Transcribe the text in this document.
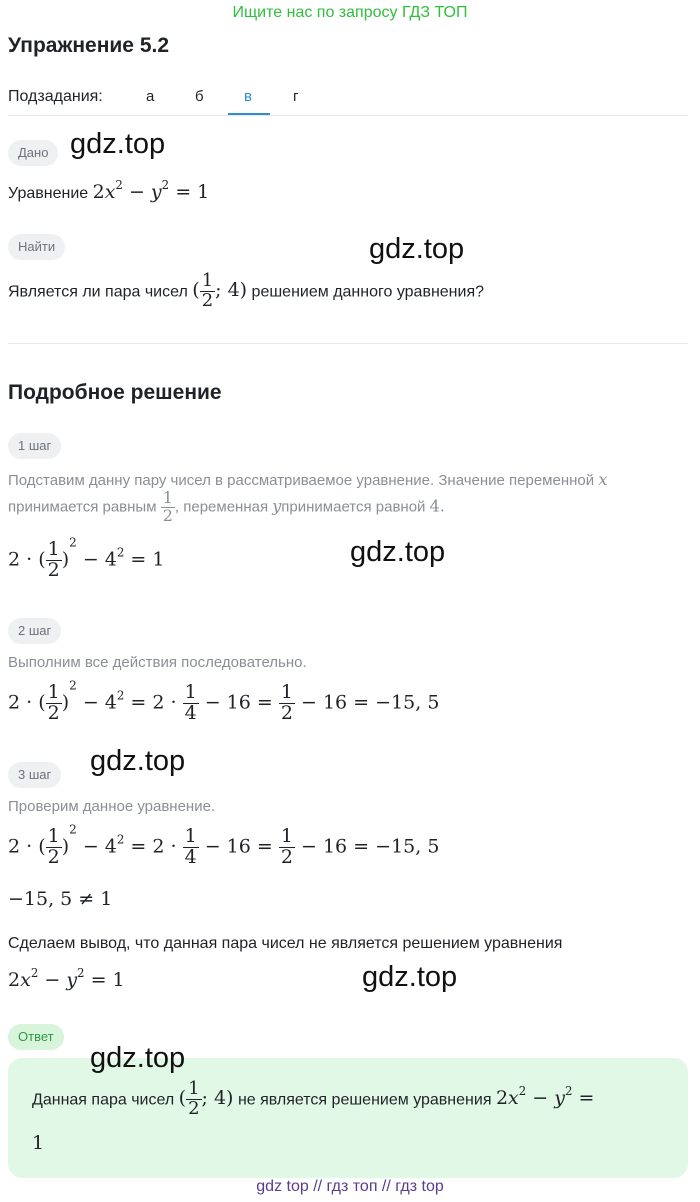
Ищите нас по запросу ГДЗ ТОП
Упражнение 5.2
Подзадания:	а	б	в	г
Дано gdz.top
Уравнение $2x^2 - y^2 = 1$
Найти	gdz.top
Является ли пара чисел ( $\frac{1}{2}$ ; 4) решением данного уравнения?
Подробное решение
1 шаг
Подставим данну пару чисел в рассматриваемое уравнение. Значение переменной x
принимается равным $\frac{1}{2}$ , переменная yпринимается равной 4.
2 · ( $\frac{1}{2} )^2 - 4^2 = 1$	gdz.top
2 шаг
Выполним все действия последовательно.
2 · ( $\frac{1}{2} )^2 - 4^2 = 2 \cdot \frac{1}{4} - 16 = \frac{1}{2} - 16 = -15$, 5
3 шаг	gdz.top
Проверим данное уравнение.
2 · ( $\frac{1}{2} )^2 - 4^2 = 2 \cdot \frac{1}{4} - 16 = \frac{1}{2} - 16 = -15$, 5
−15, 5 ≠ 1
Сделаем вывод, что данная пара чисел не является решением уравнения
$2x^2 - y^2 = 1$	gdz.top
Ответ
gdz.top
Данная пара чисел ( $\frac{1}{2}$ ; 4) не является решением уравнения $2x^2 - y^2$ =
1
gdz top // гдз топ // гдз top
